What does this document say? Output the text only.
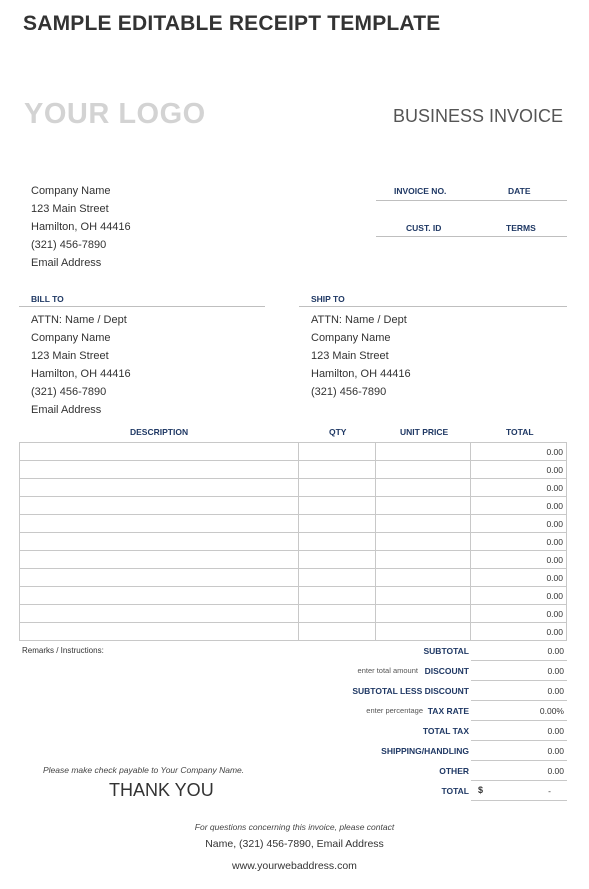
SAMPLE EDITABLE RECEIPT TEMPLATE
YOUR LOGO	BUSINESS INVOICE
Company Name
123 Main Street
Hamilton, OH 44416
(321) 456-7890
Email Address
INVOICE NO.	DATE
CUST. ID	TERMS
BILL TO	SHIP TO
ATTN: Name / Dept
Company Name
123 Main Street
Hamilton, OH 44416
(321) 456-7890
Email Address
ATTN: Name / Dept
Company Name
123 Main Street
Hamilton, OH 44416
(321) 456-7890
DESCRIPTION	QTY	UNIT PRICE	TOTAL
			0.00
			0.00
			0.00
			0.00
			0.00
			0.00
			0.00
			0.00
			0.00
			0.00
			0.00
Remarks / Instructions:	SUBTOTAL	0.00
enter total amount DISCOUNT	0.00
SUBTOTAL LESS DISCOUNT	0.00
enter percentage TAX RATE	0.00%
TOTAL TAX	0.00
SHIPPING/HANDLING	0.00
OTHER	0.00
TOTAL $	-
Please make check payable to Your Company Name.
THANK YOU
For questions concerning this invoice, please contact
Name, (321) 456-7890, Email Address
www.yourwebaddress.com
